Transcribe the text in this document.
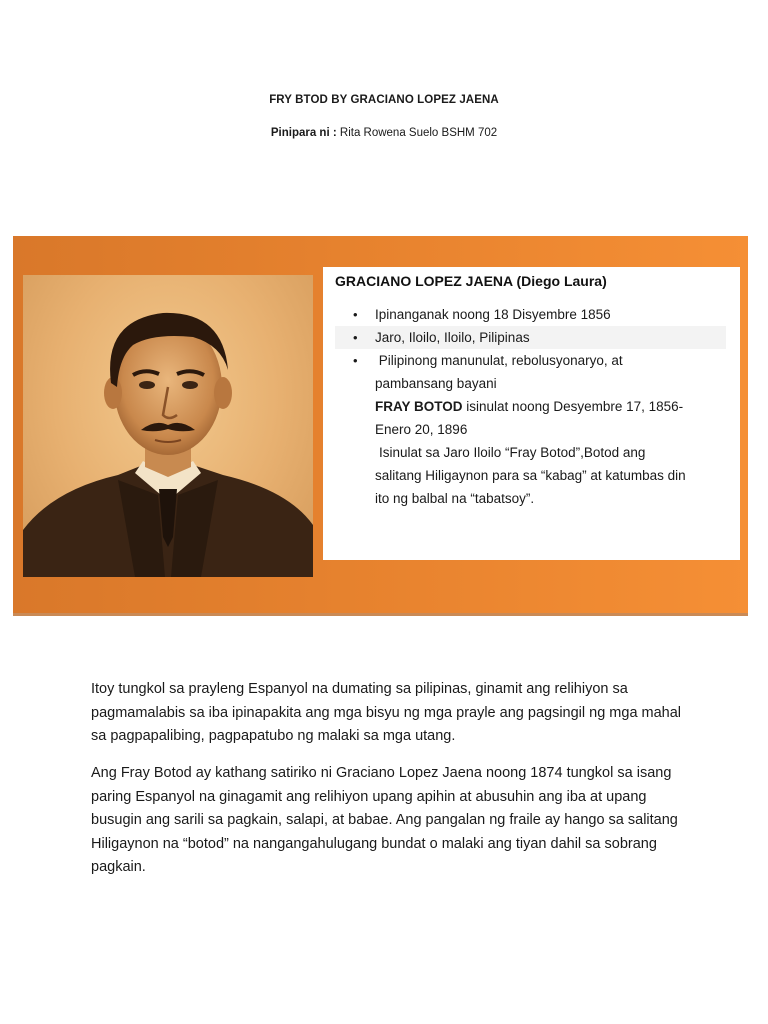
FRY BTOD BY GRACIANO LOPEZ JAENA

Pinipara ni : Rita Rowena Suelo BSHM 702

GRACIANO LOPEZ JAENA (Diego Laura)
• Ipinanganak noong 18 Disyembre 1856
• Jaro, Iloilo, Iloilo, Pilipinas
• Pilipinong manunulat, rebolusyonaryo, at
pambansang bayani
FRAY BOTOD isinulat noong Desyembre 17, 1856-
Enero 20, 1896
Isinulat sa Jaro Iloilo “Fray Botod”,Botod ang
salitang Hiligaynon para sa “kabag” at katumbas din
ito ng balbal na “tabatsoy”.

Itoy tungkol sa prayleng Espanyol na dumating sa pilipinas, ginamit ang relihiyon sa pagmamalabis sa iba ipinapakita ang mga bisyu ng mga prayle ang pagsingil ng mga mahal sa pagpapalibing, pagpapatubo ng malaki sa mga utang.

Ang Fray Botod ay kathang satiriko ni Graciano Lopez Jaena noong 1874 tungkol sa isang paring Espanyol na ginagamit ang relihiyon upang apihin at abusuhin ang iba at upang busugin ang sarili sa pagkain, salapi, at babae. Ang pangalan ng fraile ay hango sa salitang Hiligaynon na “botod” na nangangahulugang bundat o malaki ang tiyan dahil sa sobrang pagkain.
